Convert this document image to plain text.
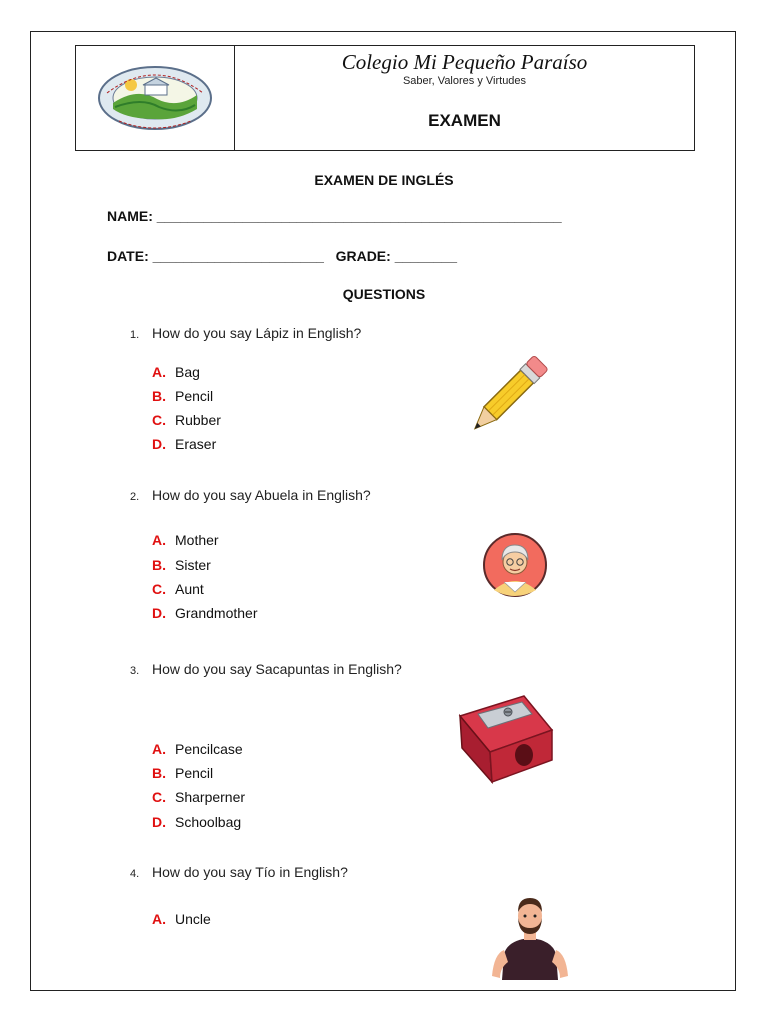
Colegio Mi Pequeño Paraíso
Saber, Valores y Virtudes
EXAMEN
EXAMEN DE INGLÉS
NAME: ____________________________________________________
DATE: ______________________   GRADE: ________
QUESTIONS
1. How do you say Lápiz in English?
A. Bag
B. Pencil
C. Rubber
D. Eraser
2. How do you say Abuela in English?
A. Mother
B. Sister
C. Aunt
D. Grandmother
3. How do you say Sacapuntas in English?
A. Pencilcase
B. Pencil
C. Sharperner
D. Schoolbag
4. How do you say Tío in English?
A. Uncle
